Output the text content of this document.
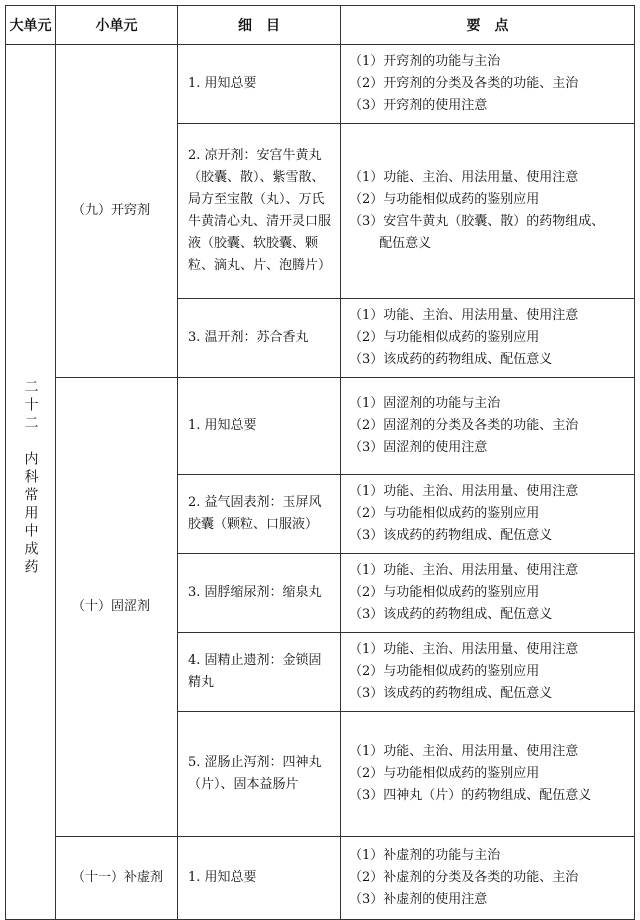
大单元	小单元	细　目	要　点
二十二内科常用中成药	（九）开窍剂	1. 用知总要	（1）开窍剂的功能与主治
（2）开窍剂的分类及各类的功能、主治
（3）开窍剂的使用注意

		2. 凉开剂：安宫牛黄丸（胶囊、散）、紫雪散、局方至宝散（丸）、万氏牛黄清心丸、清开灵口服液（胶囊、软胶囊、颗粒、滴丸、片、泡腾片）	（1）功能、主治、用法用量、使用注意
（2）与功能相似成药的鉴别应用
（3）安宫牛黄丸（胶囊、散）的药物组成、
　　 配伍意义

		3. 温开剂：苏合香丸	（1）功能、主治、用法用量、使用注意
（2）与功能相似成药的鉴别应用
（3）该成药的药物组成、配伍意义

	（十）固涩剂	1. 用知总要	（1）固涩剂的功能与主治
（2）固涩剂的分类及各类的功能、主治
（3）固涩剂的使用注意

		2. 益气固表剂：玉屏风胶囊（颗粒、口服液）	（1）功能、主治、用法用量、使用注意
（2）与功能相似成药的鉴别应用
（3）该成药的药物组成、配伍意义

		3. 固脬缩尿剂：缩泉丸	（1）功能、主治、用法用量、使用注意
（2）与功能相似成药的鉴别应用
（3）该成药的药物组成、配伍意义

		4. 固精止遗剂：金锁固精丸	（1）功能、主治、用法用量、使用注意
（2）与功能相似成药的鉴别应用
（3）该成药的药物组成、配伍意义

		5. 涩肠止泻剂：四神丸（片）、固本益肠片	（1）功能、主治、用法用量、使用注意
（2）与功能相似成药的鉴别应用
（3）四神丸（片）的药物组成、配伍意义

	（十一）补虚剂	1. 用知总要	（1）补虚剂的功能与主治
（2）补虚剂的分类及各类的功能、主治
（3）补虚剂的使用注意
